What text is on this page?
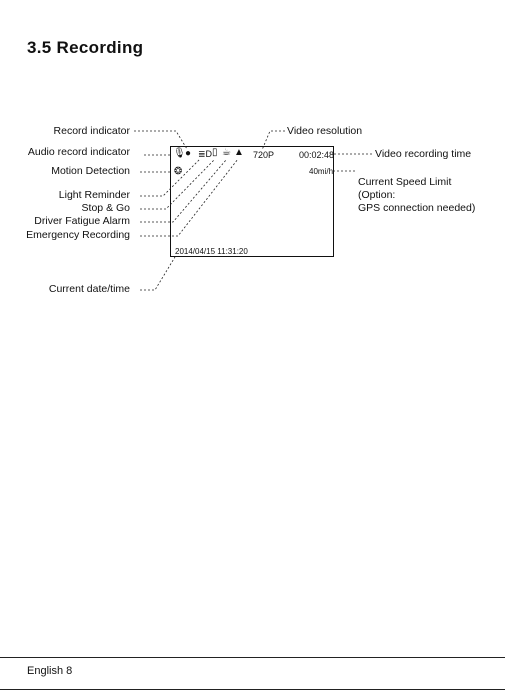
3.5 Recording
Record indicator
Audio record indicator
Motion Detection
Light Reminder
Stop & Go
Driver Fatigue Alarm
Emergency Recording
Current date/time
Video resolution
Video recording time
Current Speed Limit
(Option:
GPS connection needed)
🎙︎ ● ≣D ▯ ☕︎ ▲ 720P	00:02:48
❂	40mi/h
2014/04/15 11:31:20
English 8
